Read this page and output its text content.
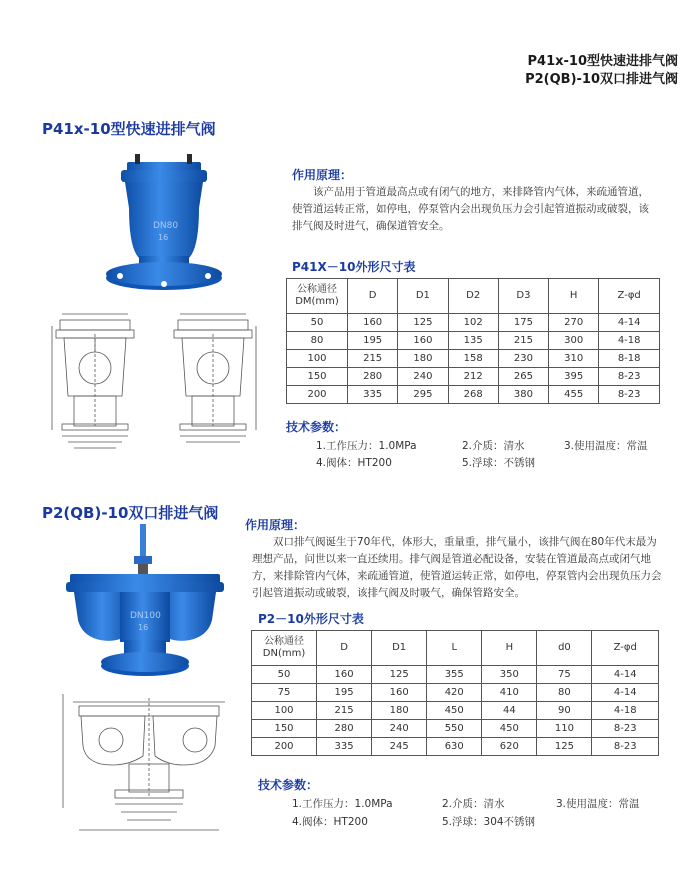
P41x-10型快速进排气阀
P2(QB)-10双口排进气阀
P41x-10型快速进排气阀
DN80
16
作用原理：
该产品用于管道最高点或有闭气的地方，来排降管内气体，来疏通管道，使管道运转正常，如停电，停泵管内会出现负压力会引起管道振动或破裂，该排气阀及时进气，确保道管安全。
P41X－10外形尺寸表
公称通径 DM(mm)	D	D1	D2	D3	H	Z-φd
50	160	125	102	175	270	4-14
80	195	160	135	215	300	4-18
100	215	180	158	230	310	8-18
150	280	240	212	265	395	8-23
200	335	295	268	380	455	8-23
技术参数：
1.工作压力：1.0MPa	2.介质：清水	3.使用温度：常温
4.阀体：HT200	5.浮球：不锈钢
P2(QB)-10双口排进气阀
DN100
16
作用原理：
双口排气阀诞生于70年代，体形大，重量重，排气量小，该排气阀在80年代末最为理想产品，问世以来一直还续用。排气阀是管道必配设备，安装在管道最高点或闭气地方，来排除管内气体，来疏通管道，使管道运转正常，如停电，停泵管内会出现负压力会引起管道振动或破裂，该排气阀及时吸气，确保管路安全。
P2－10外形尺寸表
公称通径 DN(mm)	D	D1	L	H	d0	Z-φd
50	160	125	355	350	75	4-14
75	195	160	420	410	80	4-14
100	215	180	450	44	90	4-18
150	280	240	550	450	110	8-23
200	335	245	630	620	125	8-23
技术参数：
1.工作压力：1.0MPa	2.介质：清水	3.使用温度：常温
4.阀体：HT200	5.浮球：304不锈钢
